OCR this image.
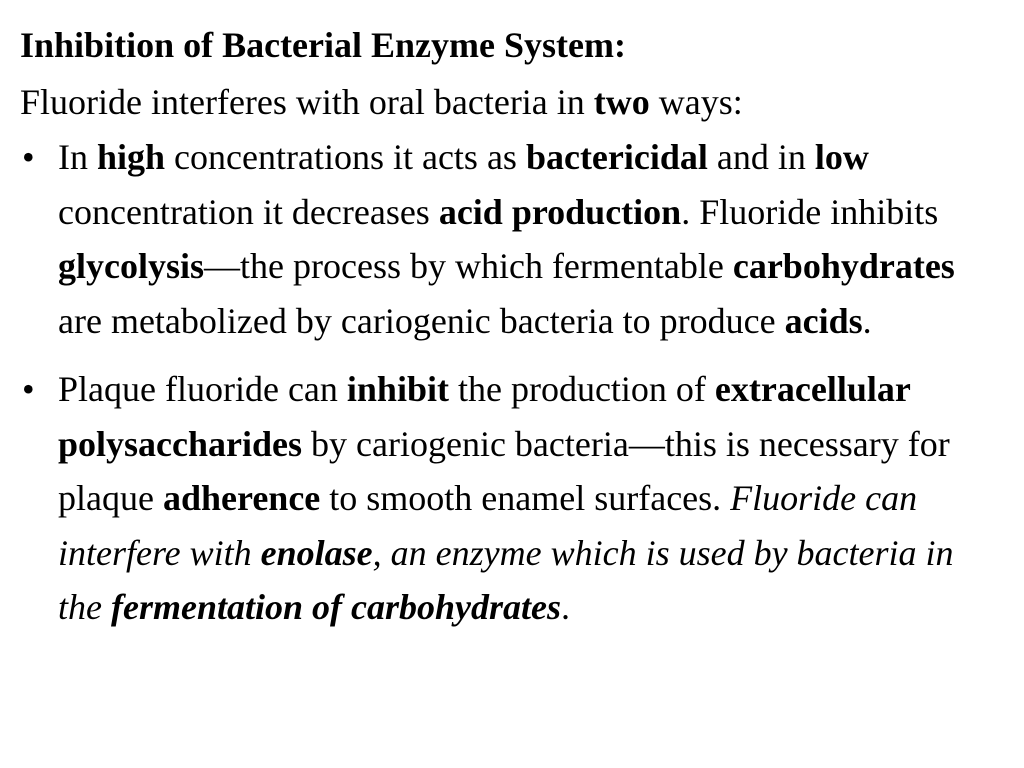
Inhibition of Bacterial Enzyme System:

Fluoride interferes with oral bacteria in two ways:

• In high concentrations it acts as bactericidal and in low concentration it decreases acid production. Fluoride inhibits glycolysis—the process by which fermentable carbohydrates are metabolized by cariogenic bacteria to produce acids.
• Plaque fluoride can inhibit the production of extracellular polysaccharides by cariogenic bacteria—this is necessary for plaque adherence to smooth enamel surfaces. Fluoride can interfere with enolase, an enzyme which is used by bacteria in the fermentation of carbohydrates.
